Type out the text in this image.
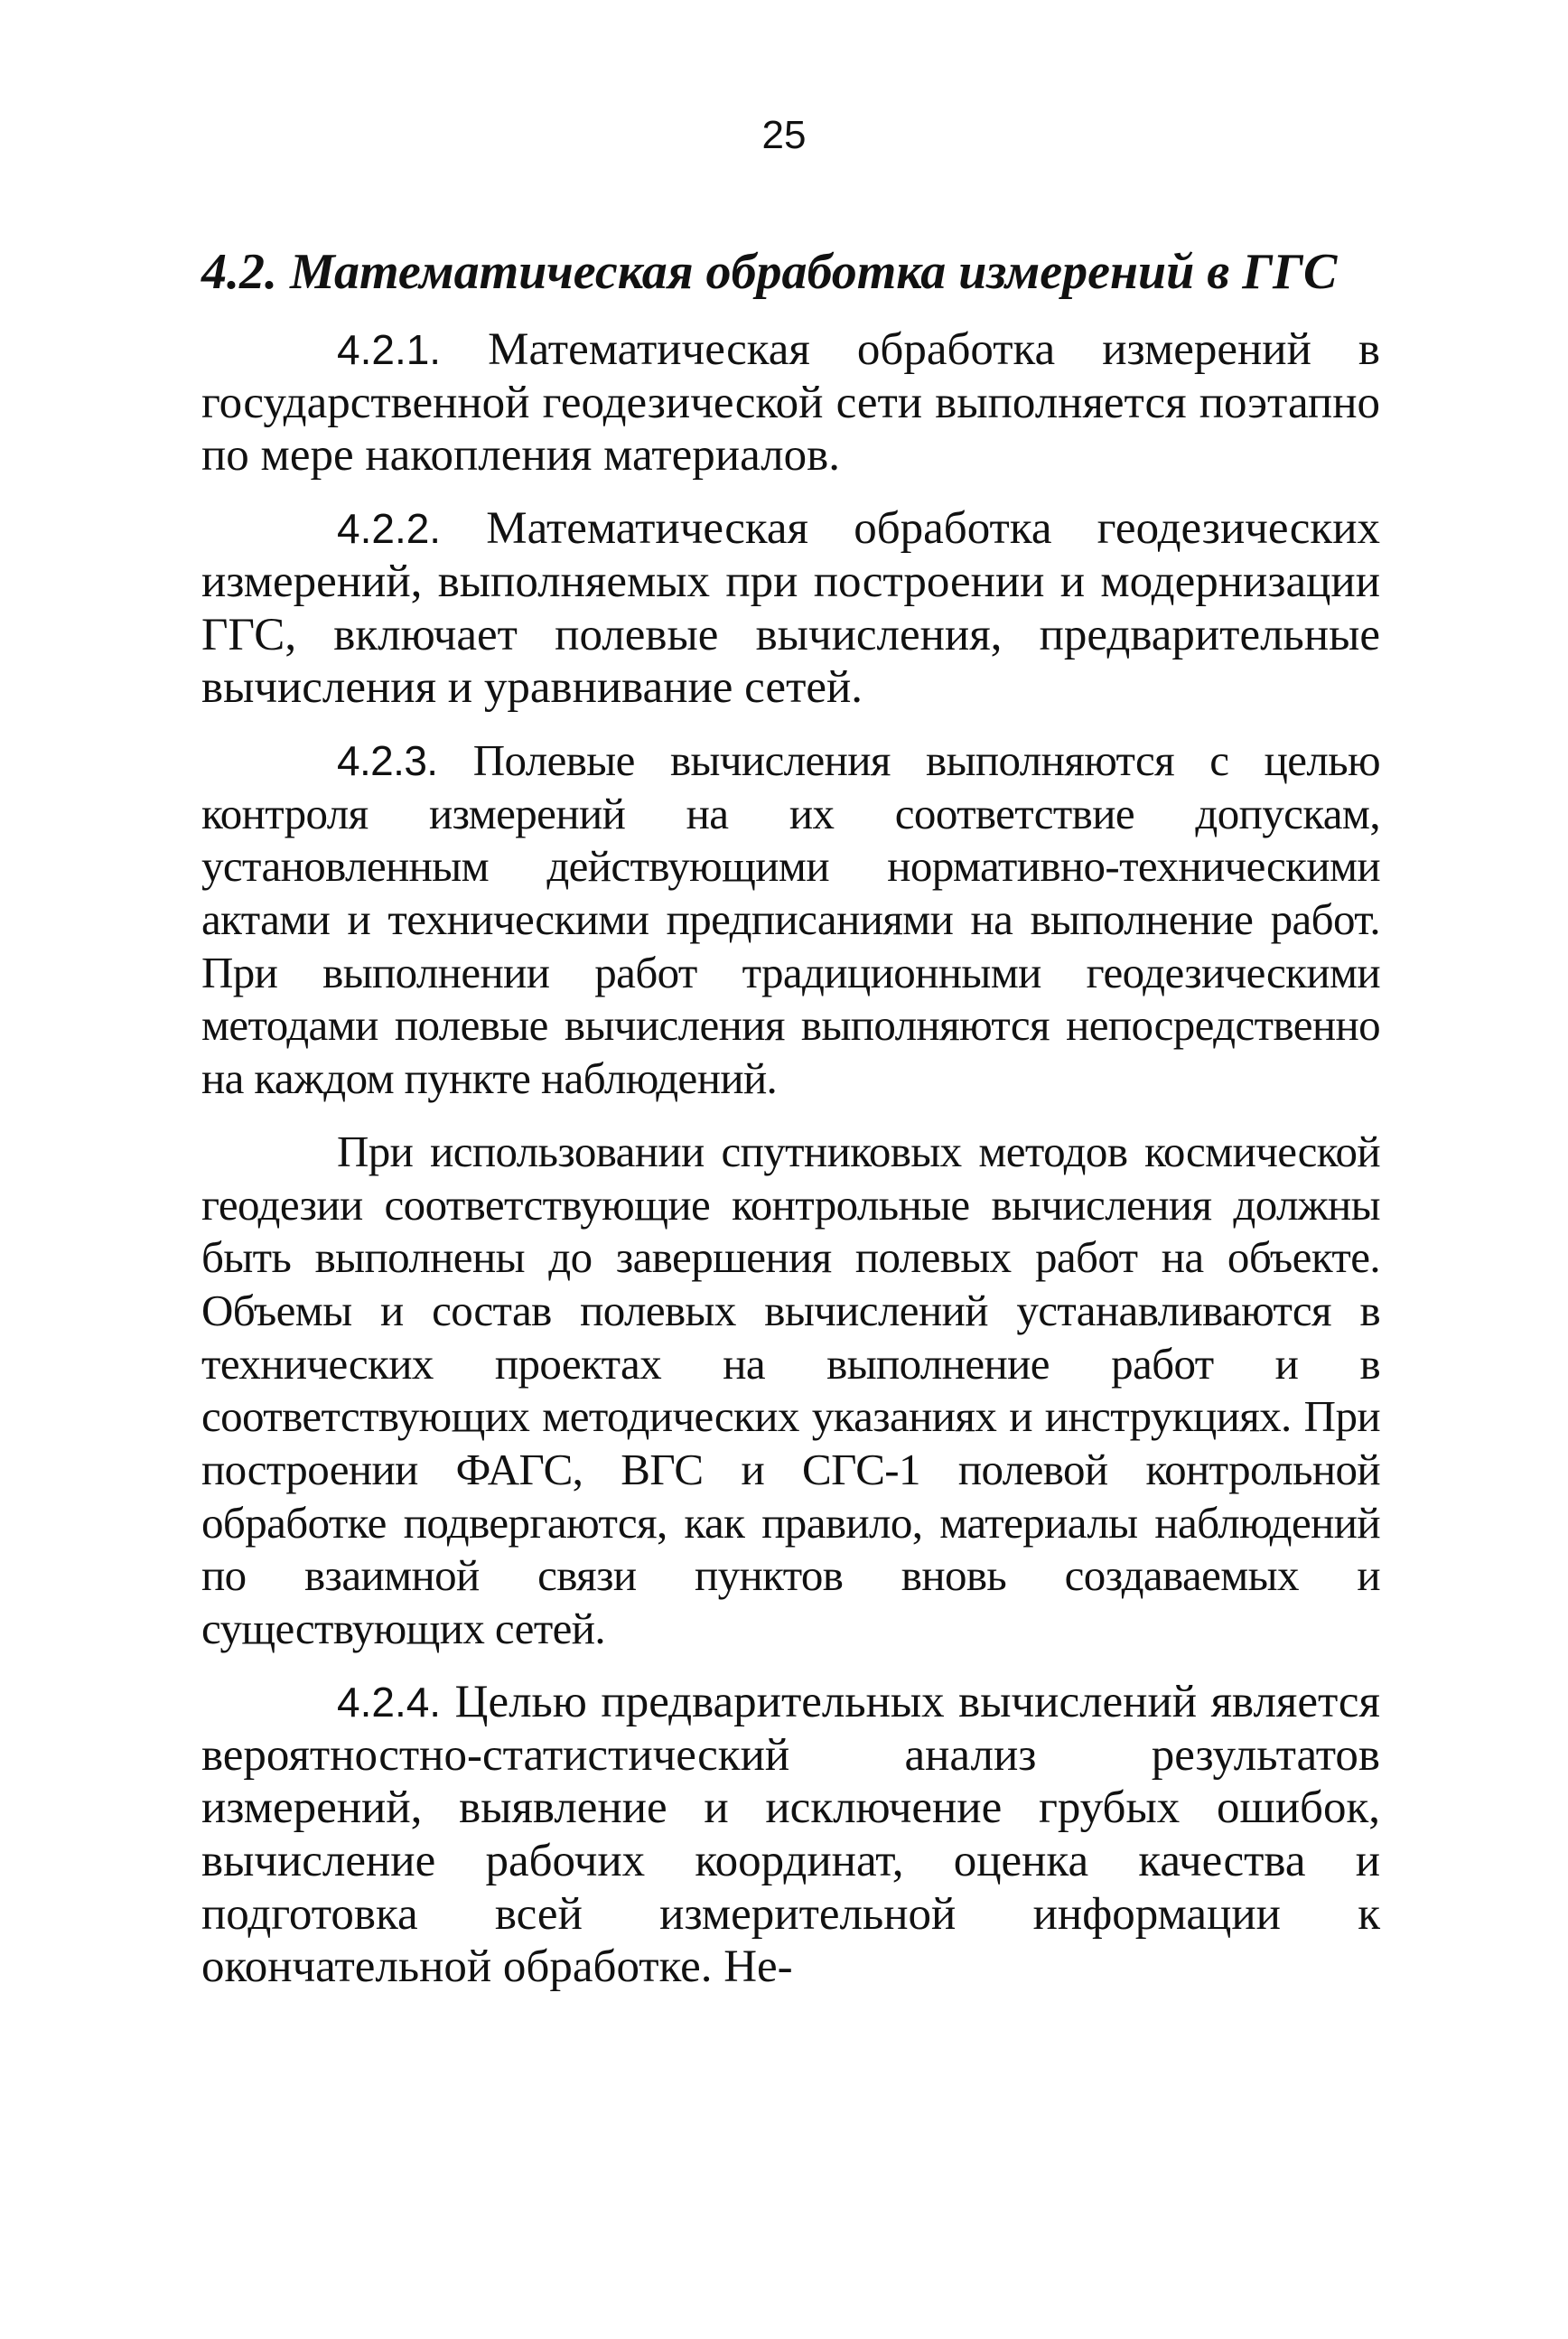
25
4.2. Математическая обработка измерений в ГГС

4.2.1. Математическая обработка измерений в государственной геодезической сети выполняется поэтапно по мере накопления материалов.

4.2.2. Математическая обработка геодезических измерений, выполняемых при построении и модернизации ГГС, включает полевые вычисления, предварительные вычисления и уравнивание сетей.

4.2.3. Полевые вычисления выполняются с целью контроля измерений на их соответствие допускам, установленным действующими нормативно-техническими актами и техническими предписаниями на выполнение работ. При выполнении работ традиционными геодезическими методами полевые вычисления выполняются непосредственно на каждом пункте наблюдений.

При использовании спутниковых методов космической геодезии соответствующие контрольные вычисления должны быть выполнены до завершения полевых работ на объекте. Объемы и состав полевых вычислений устанавливаются в технических проектах на выполнение работ и в соответствующих методических указаниях и инструкциях. При построении ФАГС, ВГС и СГС-1 полевой контрольной обработке подвергаются, как правило, материалы наблюдений по взаимной связи пунктов вновь создаваемых и существующих сетей.

4.2.4. Целью предварительных вычислений является вероятностно-статистический анализ результатов измерений, выявление и исключение грубых ошибок, вычисление рабочих координат, оценка качества и подготовка всей измерительной информации к окончательной обработке. Не-
